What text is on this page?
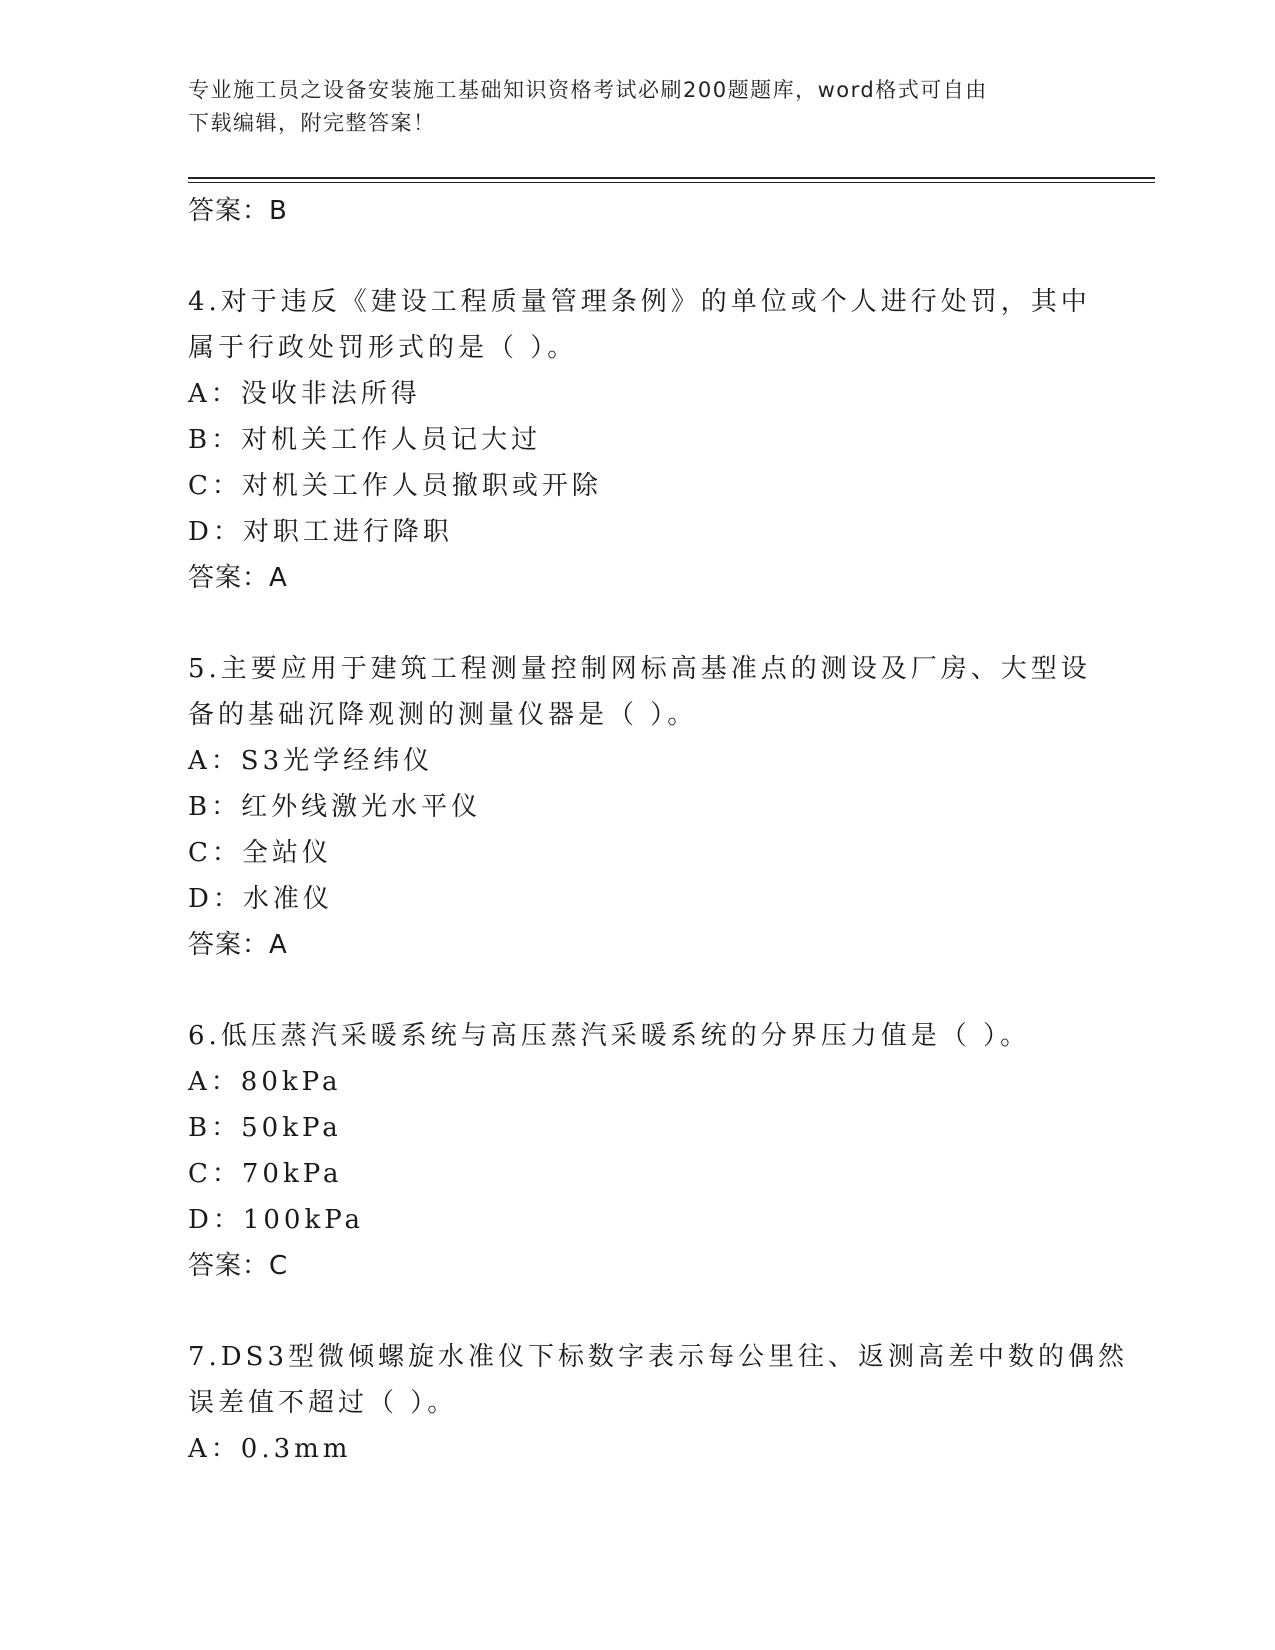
专业施工员之设备安装施工基础知识资格考试必刷200题题库，word格式可自由
下载编辑，附完整答案！
答案：B
4.对于违反《建设工程质量管理条例》的单位或个人进行处罚，其中
属于行政处罚形式的是（ ）。
A：没收非法所得
B：对机关工作人员记大过
C：对机关工作人员撤职或开除
D：对职工进行降职
答案：A
5.主要应用于建筑工程测量控制网标高基准点的测设及厂房、大型设
备的基础沉降观测的测量仪器是（ ）。
A：S3光学经纬仪
B：红外线激光水平仪
C：全站仪
D：水准仪
答案：A
6.低压蒸汽采暖系统与高压蒸汽采暖系统的分界压力值是（ ）。
A：80kPa
B：50kPa
C：70kPa
D：100kPa
答案：C
7.DS3型微倾螺旋水准仪下标数字表示每公里往、返测高差中数的偶然
误差值不超过（ ）。
A：0.3mm
